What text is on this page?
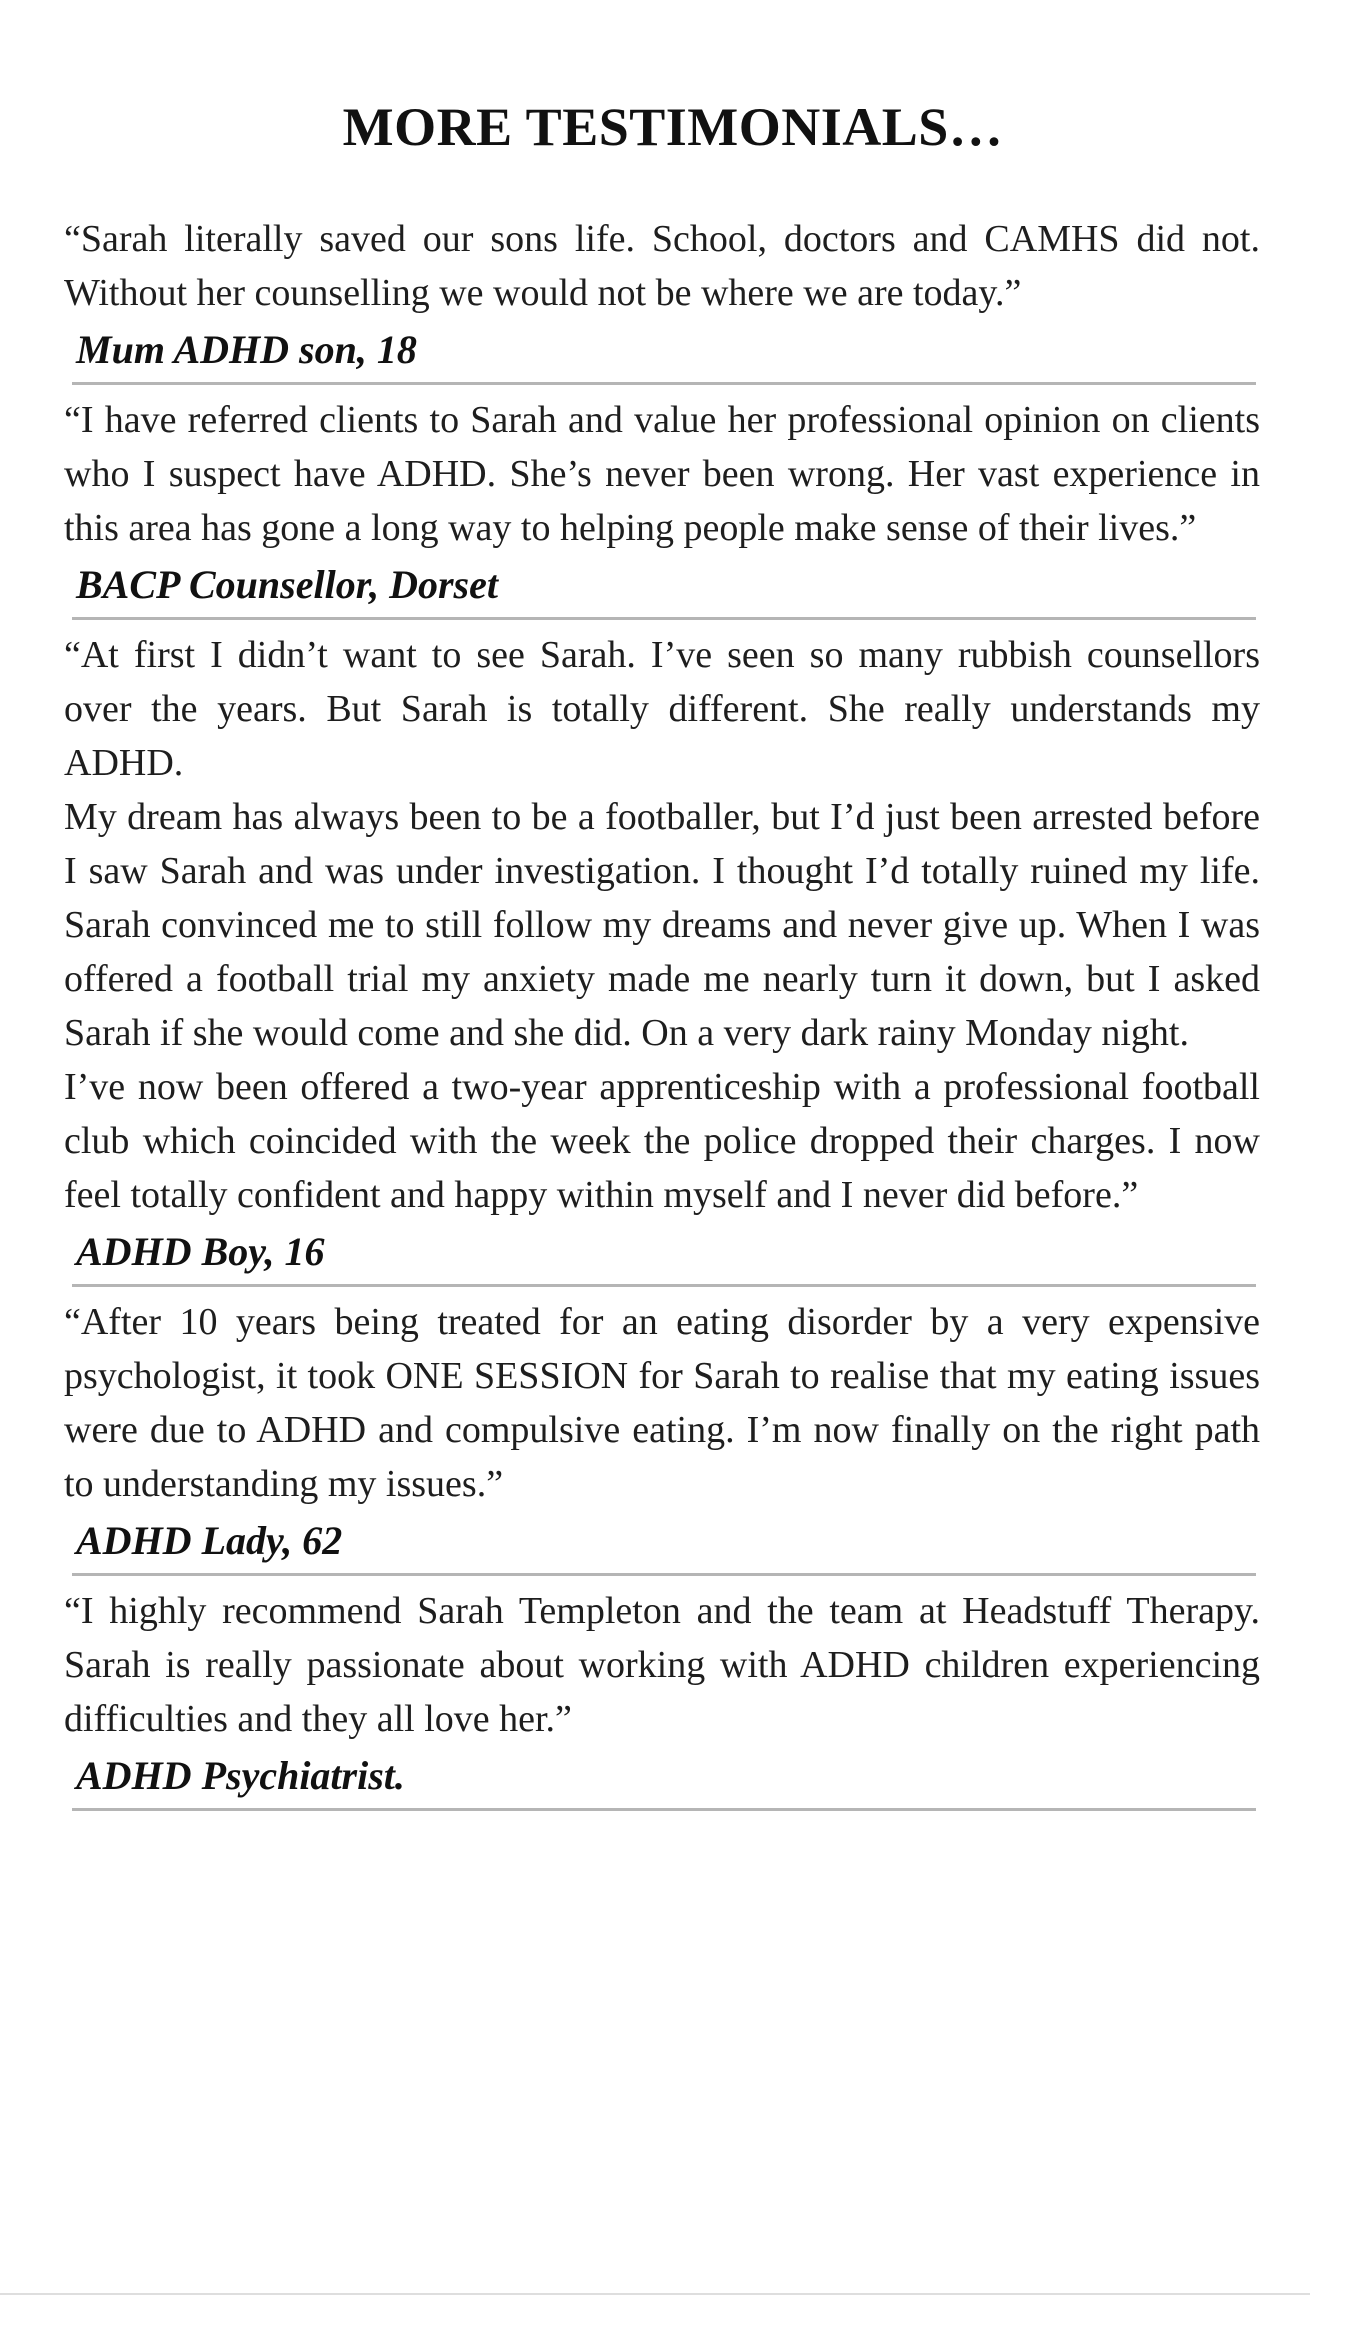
MORE TESTIMONIALS…

“Sarah literally saved our sons life. School, doctors and CAMHS did not. Without her counselling we would not be where we are today.”

Mum ADHD son, 18

“I have referred clients to Sarah and value her professional opinion on clients who I suspect have ADHD. She’s never been wrong. Her vast experience in this area has gone a long way to helping people make sense of their lives.”

BACP Counsellor, Dorset

“At first I didn’t want to see Sarah. I’ve seen so many rubbish counsellors over the years. But Sarah is totally different. She really understands my ADHD.

My dream has always been to be a footballer, but I’d just been arrested before I saw Sarah and was under investigation. I thought I’d totally ruined my life. Sarah convinced me to still follow my dreams and never give up. When I was offered a football trial my anxiety made me nearly turn it down, but I asked Sarah if she would come and she did. On a very dark rainy Monday night.

I’ve now been offered a two-year apprenticeship with a professional football club which coincided with the week the police dropped their charges. I now feel totally confident and happy within myself and I never did before.”

ADHD Boy, 16

“After 10 years being treated for an eating disorder by a very expensive psychologist, it took ONE SESSION for Sarah to realise that my eating issues were due to ADHD and compulsive eating. I’m now finally on the right path to understanding my issues.”

ADHD Lady, 62

“I highly recommend Sarah Templeton and the team at Headstuff Therapy. Sarah is really passionate about working with ADHD children experiencing difficulties and they all love her.”

ADHD Psychiatrist.
